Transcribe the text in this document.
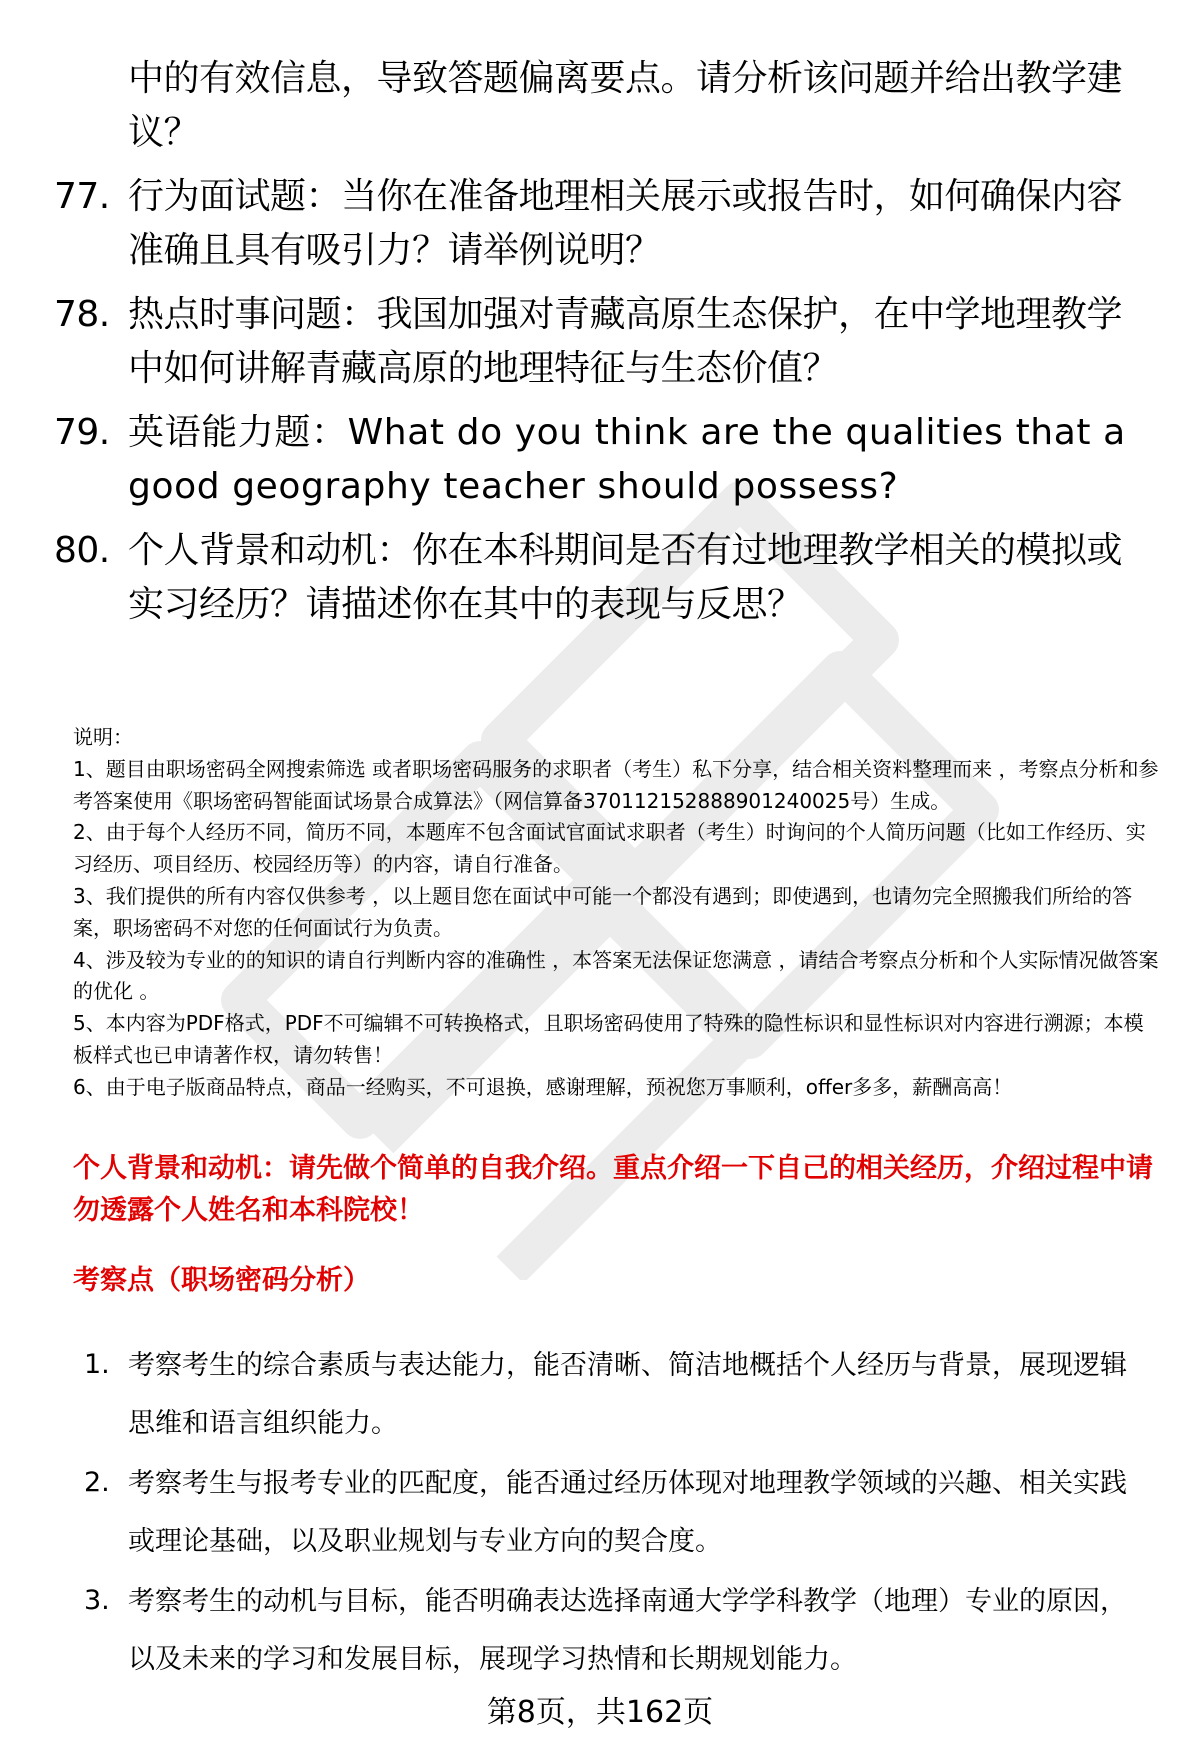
中的有效信息，导致答题偏离要点。请分析该问题并给出教学建议？
77. 行为面试题：当你在准备地理相关展示或报告时，如何确保内容准确且具有吸引力？请举例说明？
78. 热点时事问题：我国加强对青藏高原生态保护，在中学地理教学中如何讲解青藏高原的地理特征与生态价值？
79. 英语能力题：What do you think are the qualities that a good geography teacher should possess?
80. 个人背景和动机：你在本科期间是否有过地理教学相关的模拟或实习经历？请描述你在其中的表现与反思？

说明：

1、题目由职场密码全网搜索筛选 或者职场密码服务的求职者（考生）私下分享，结合相关资料整理而来 ，考察点分析和参考答案使用《职场密码智能面试场景合成算法》（网信算备370112152888901240025号）生成。

2、由于每个人经历不同，简历不同，本题库不包含面试官面试求职者（考生）时询问的个人简历问题（比如工作经历、实习经历、项目经历、校园经历等）的内容，请自行准备。

3、我们提供的所有内容仅供参考 ，以上题目您在面试中可能一个都没有遇到；即使遇到，也请勿完全照搬我们所给的答案，职场密码不对您的任何面试行为负责。

4、涉及较为专业的的知识的请自行判断内容的准确性 ，本答案无法保证您满意 ，请结合考察点分析和个人实际情况做答案的优化 。

5、本内容为PDF格式，PDF不可编辑不可转换格式，且职场密码使用了特殊的隐性标识和显性标识对内容进行溯源；本模板样式也已申请著作权，请勿转售！

6、由于电子版商品特点，商品一经购买，不可退换，感谢理解，预祝您万事顺利，offer多多，薪酬高高！

个人背景和动机：请先做个简单的自我介绍。重点介绍一下自己的相关经历，介绍过程中请勿透露个人姓名和本科院校！
考察点（职场密码分析）
1. 考察考生的综合素质与表达能力，能否清晰、简洁地概括个人经历与背景，展现逻辑思维和语言组织能力。
2. 考察考生与报考专业的匹配度，能否通过经历体现对地理教学领域的兴趣、相关实践或理论基础，以及职业规划与专业方向的契合度。
3. 考察考生的动机与目标，能否明确表达选择南通大学学科教学（地理）专业的原因，以及未来的学习和发展目标，展现学习热情和长期规划能力。
第8页，共162页
